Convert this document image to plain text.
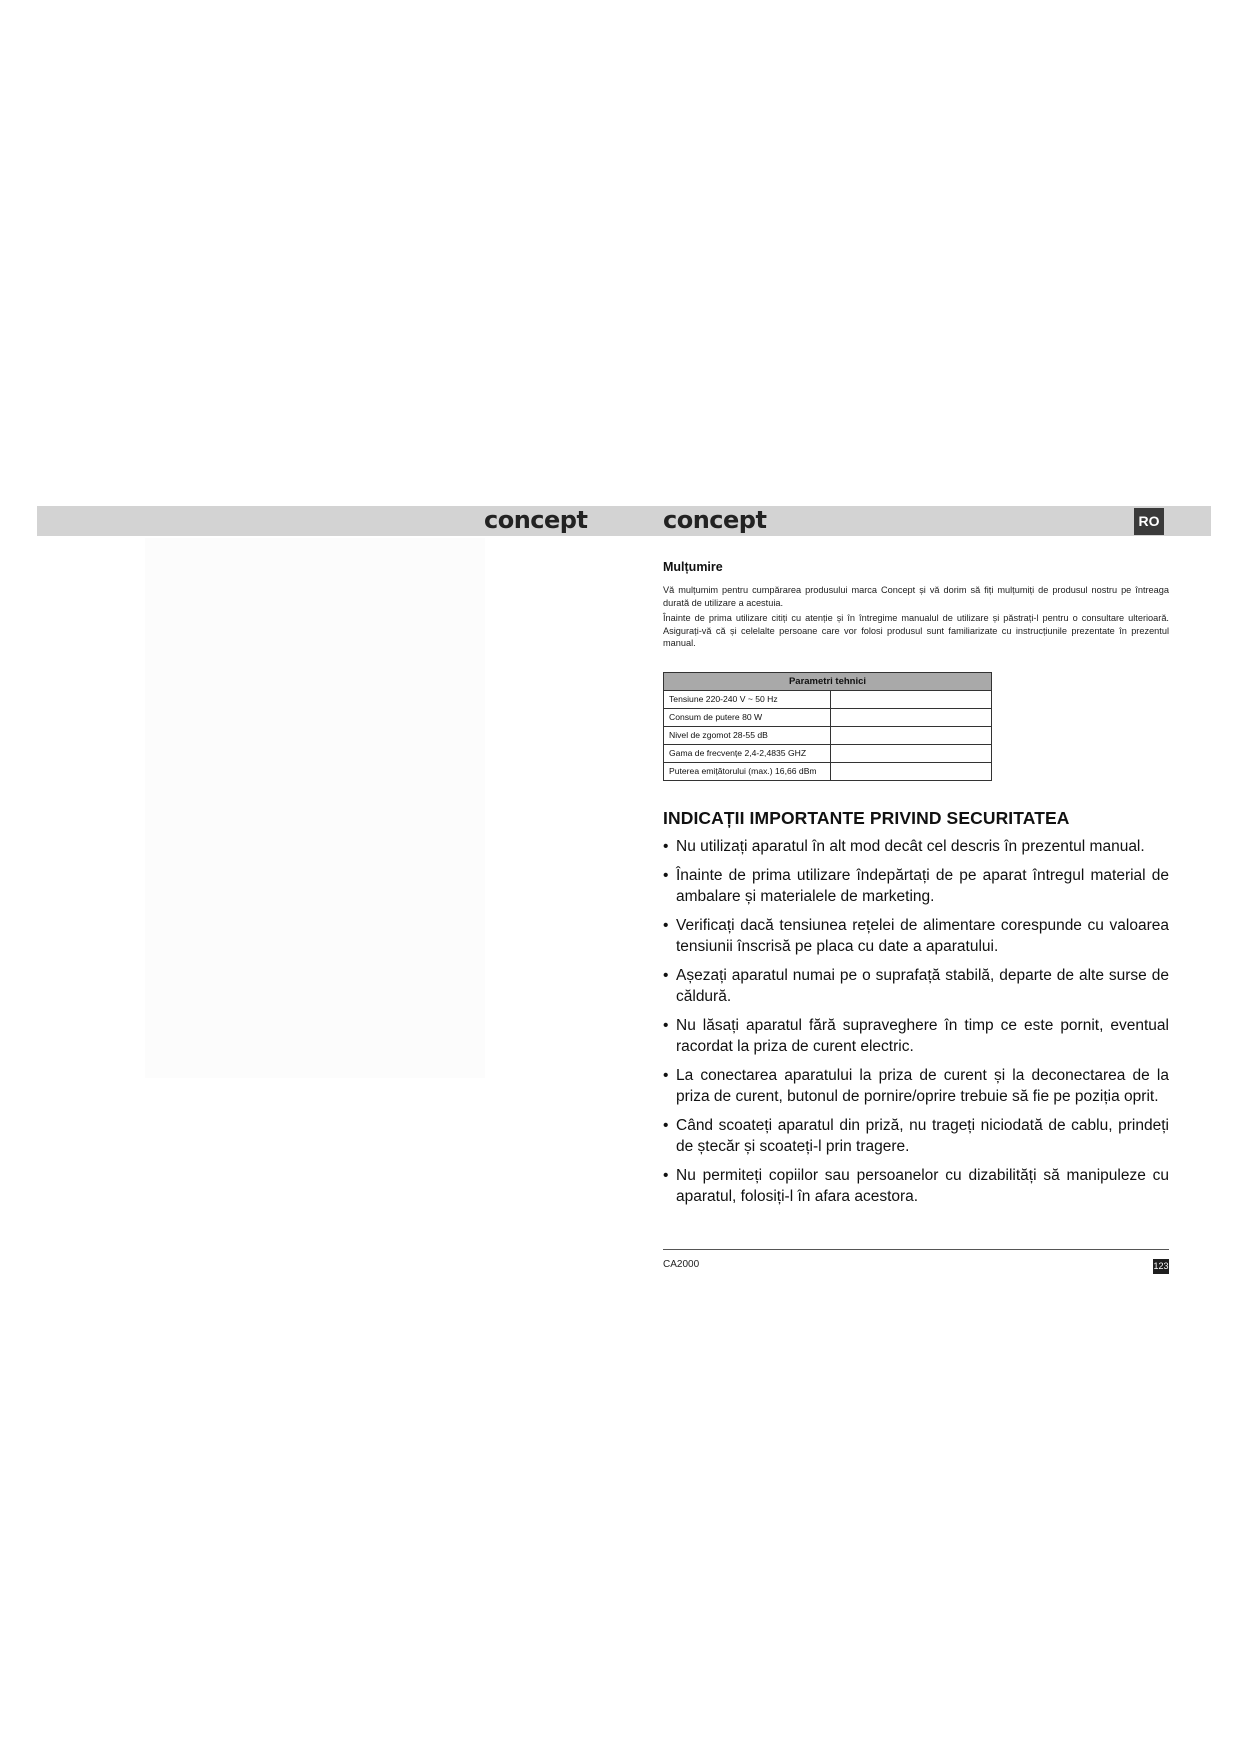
concept	concept	RO
Mulțumire

Vă mulțumim pentru cumpărarea produsului marca Concept și vă dorim să fiți mulțumiți de produsul nostru pe întreaga durată de utilizare a acestuia.

Înainte de prima utilizare citiți cu atenție și în întregime manualul de utilizare și păstrați-l pentru o consultare ulterioară. Asigurați-vă că și celelalte persoane care vor folosi produsul sunt familiarizate cu instrucțiunile prezentate în prezentul manual.

Parametri tehnici	
Tensiune 220-240 V ~ 50 Hz	
Consum de putere 80 W	
Nivel de zgomot 28-55 dB	
Gama de frecvențe 2,4-2,4835 GHZ	
Puterea emițătorului (max.) 16,66 dBm	
INDICAȚII IMPORTANTE PRIVIND SECURITATEA
• Nu utilizați aparatul în alt mod decât cel descris în prezentul manual.
• Înainte de prima utilizare îndepărtați de pe aparat întregul material de ambalare și materialele de marketing.
• Verificați dacă tensiunea rețelei de alimentare corespunde cu valoarea tensiunii înscrisă pe placa cu date a aparatului.
• Așezați aparatul numai pe o suprafață stabilă, departe de alte surse de căldură.
• Nu lăsați aparatul fără supraveghere în timp ce este pornit, eventual racordat la priza de curent electric.
• La conectarea aparatului la priza de curent și la deconectarea de la priza de curent, butonul de pornire/oprire trebuie să fie pe poziția oprit.
• Când scoateți aparatul din priză, nu trageți niciodată de cablu, prindeți de ștecăr și scoateți-l prin tragere.
• Nu permiteți copiilor sau persoanelor cu dizabilități să manipuleze cu aparatul, folosiți-l în afara acestora.
CA2000	123
